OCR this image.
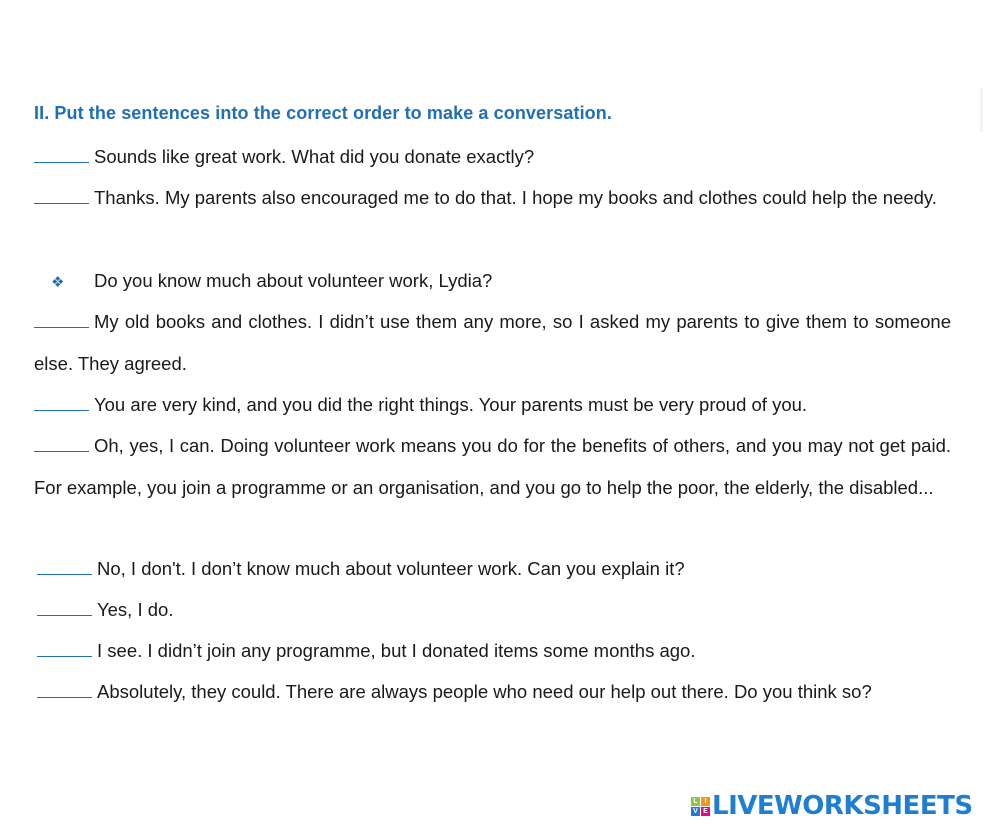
II. Put the sentences into the correct order to make a conversation.
Sounds like great work. What did you donate exactly?
Thanks. My parents also encouraged me to do that. I hope my books and clothes could help the needy.
❖ Do you know much about volunteer work, Lydia?
My old books and clothes. I didn’t use them any more, so I asked my parents to give them to someone else. They agreed.
You are very kind, and you did the right things. Your parents must be very proud of you.
Oh, yes, I can. Doing volunteer work means you do for the benefits of others, and you may not get paid. For example, you join a programme or an organisation, and you go to help the poor, the elderly, the disabled...
No, I don't. I don’t know much about volunteer work. Can you explain it?
Yes, I do.
I see. I didn’t join any programme, but I donated items some months ago.
Absolutely, they could. There are always people who need our help out there. Do you think so?
L I
V E LIVEWORKSHEETS
